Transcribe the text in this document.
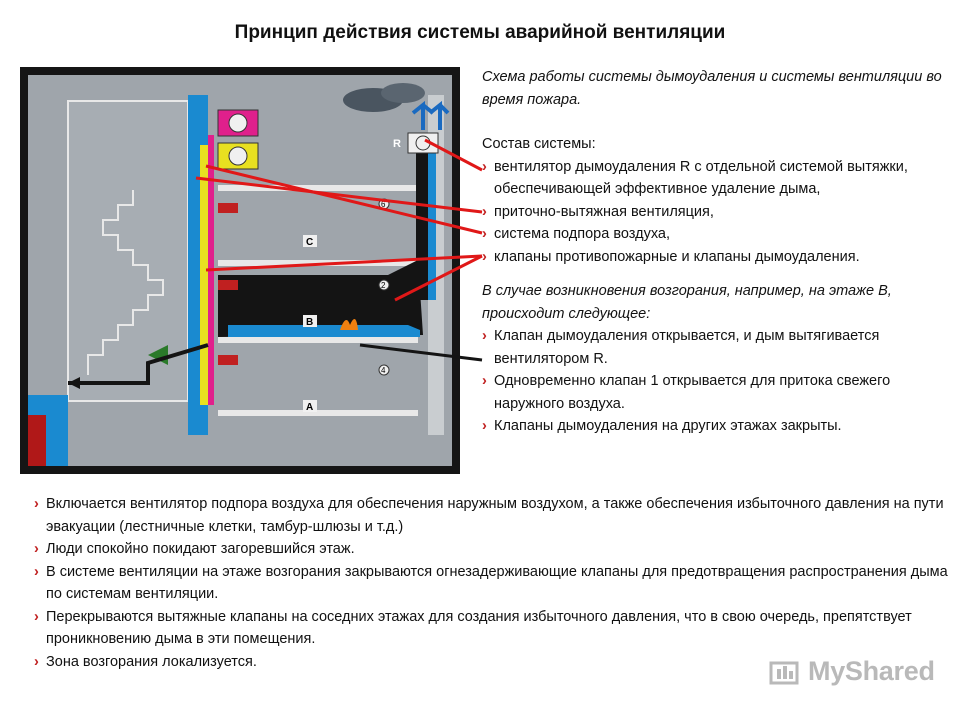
Принцип действия системы аварийной вентиляции
R
C
B
A
6
2
4
Схема работы системы дымоудаления и системы вентиляции во время пожара.
Состав системы:
› вентилятор дымоудаления R с отдельной системой вытяжки, обеспечивающей эффективное удаление дыма,
› приточно-вытяжная вентиляция,
› система подпора воздуха,
› клапаны противопожарные и клапаны дымоудаления.
В случае возникновения возгорания, например, на этаже В, происходит следующее:
› Клапан дымоудаления открывается, и дым вытягивается вентилятором R.
› Одновременно клапан 1 открывается для притока свежего наружного воздуха.
› Клапаны дымоудаления на других этажах закрыты.
› Включается вентилятор подпора воздуха для обеспечения наружным воздухом, а также обеспечения избыточного давления на пути эвакуации (лестничные клетки, тамбур-шлюзы и т.д.)
› Люди спокойно покидают загоревшийся этаж.
› В системе вентиляции на этаже возгорания закрываются огнезадерживающие клапаны для предотвращения распространения дыма по системам вентиляции.
› Перекрываются вытяжные клапаны на соседних этажах для создания избыточного давления, что в свою очередь, препятствует проникновению дыма в эти помещения.
› Зона возгорания локализуется.	MyShared
